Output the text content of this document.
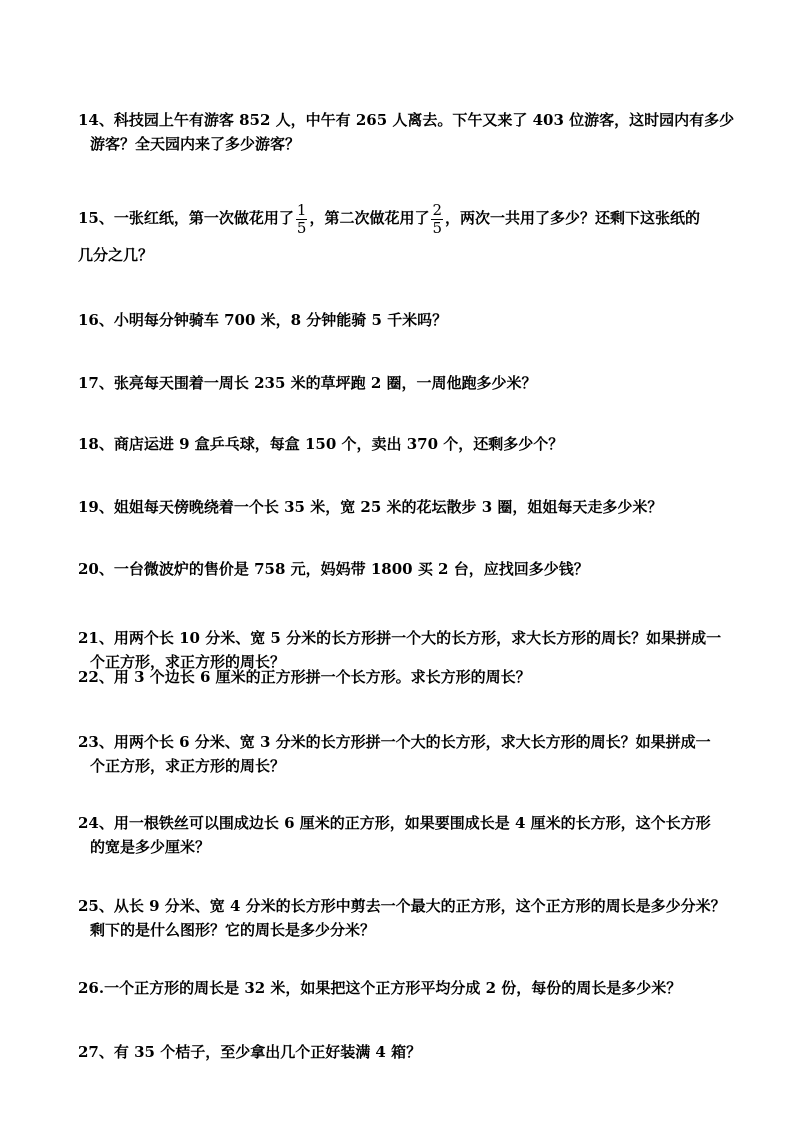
14、科技园上午有游客 852 人，中午有 265 人离去。下午又来了 403 位游客，这时园内有多少
游客？全天园内来了多少游客？
15、一张红纸，第一次做花用了 $\frac{1}{5}$ ，第二次做花用了 $\frac{2}{5}$ ，两次一共用了多少？还剩下这张纸的
几分之几？
16、小明每分钟骑车 700 米，8 分钟能骑 5 千米吗？
17、张亮每天围着一周长 235 米的草坪跑 2 圈，一周他跑多少米？
18、商店运进 9 盒乒乓球，每盒 150 个，卖出 370 个，还剩多少个？
19、姐姐每天傍晚绕着一个长 35 米，宽 25 米的花坛散步 3 圈，姐姐每天走多少米？
20、一台微波炉的售价是 758 元，妈妈带 1800 买 2 台，应找回多少钱？
21、用两个长 10 分米、宽 5 分米的长方形拼一个大的长方形，求大长方形的周长？如果拼成一
个正方形，求正方形的周长？
22、用 3 个边长 6 厘米的正方形拼一个长方形。求长方形的周长？
23、用两个长 6 分米、宽 3 分米的长方形拼一个大的长方形，求大长方形的周长？如果拼成一
个正方形，求正方形的周长？
24、用一根铁丝可以围成边长 6 厘米的正方形，如果要围成长是 4 厘米的长方形，这个长方形
的宽是多少厘米？
25、从长 9 分米、宽 4 分米的长方形中剪去一个最大的正方形，这个正方形的周长是多少分米？
剩下的是什么图形？它的周长是多少分米？
26.一个正方形的周长是 32 米，如果把这个正方形平均分成 2 份，每份的周长是多少米？
27、有 35 个桔子，至少拿出几个正好装满 4 箱？
